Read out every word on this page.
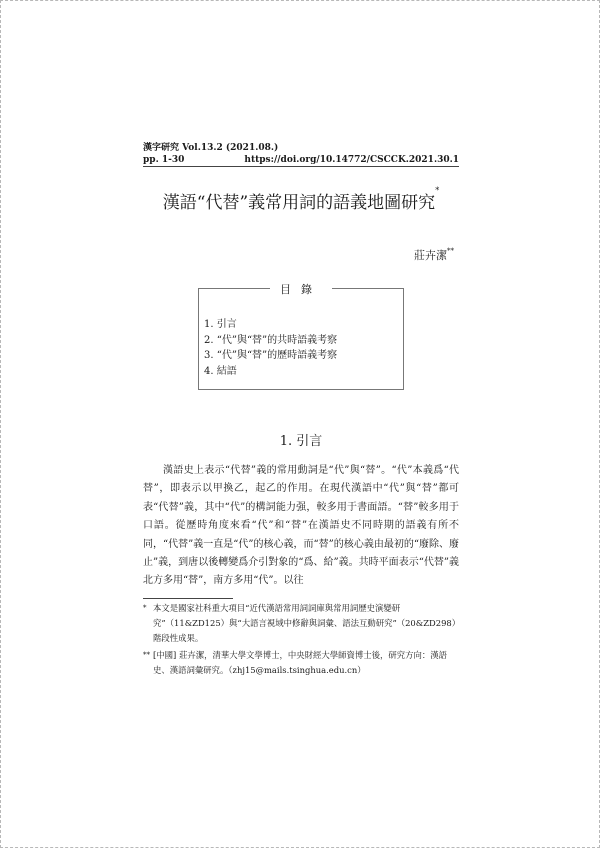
漢字研究 Vol.13.2 (2021.08.)
pp. 1-30	https://doi.org/10.14772/CSCCK.2021.30.1
漢語“代替”義常用詞的語義地圖研究*
莊卉潔**
目錄
1. 引言
2. “代”與“替”的共時語義考察
3. “代”與“替”的歷時語義考察
4. 結語
1. 引言

漢語史上表示“代替”義的常用動詞是“代”與“替”。“代”本義爲“代替”，即表示以甲換乙，起乙的作用。在現代漢語中“代”與“替”都可表“代替”義，其中“代”的構詞能力强，較多用于書面語。“替”較多用于口語。從歷時角度來看“代”和“替”在漢語史不同時期的語義有所不同，“代替”義一直是“代”的核心義，而“替”的核心義由最初的“廢除、廢止”義，到唐以後轉變爲介引對象的“爲、給”義。共時平面表示“代替”義北方多用“替”，南方多用“代”。以往

* 本文是國家社科重大項目“近代漢語常用詞詞庫與常用詞歷史演變研究”（11&ZD125）與“大語言視域中修辭與詞彙、語法互動研究”（20&ZD298）階段性成果。
** [中國] 莊卉潔，清華大學文學博士，中央財經大學師資博士後，研究方向：漢語史、漢語詞彙研究。（zhj15@mails.tsinghua.edu.cn）
